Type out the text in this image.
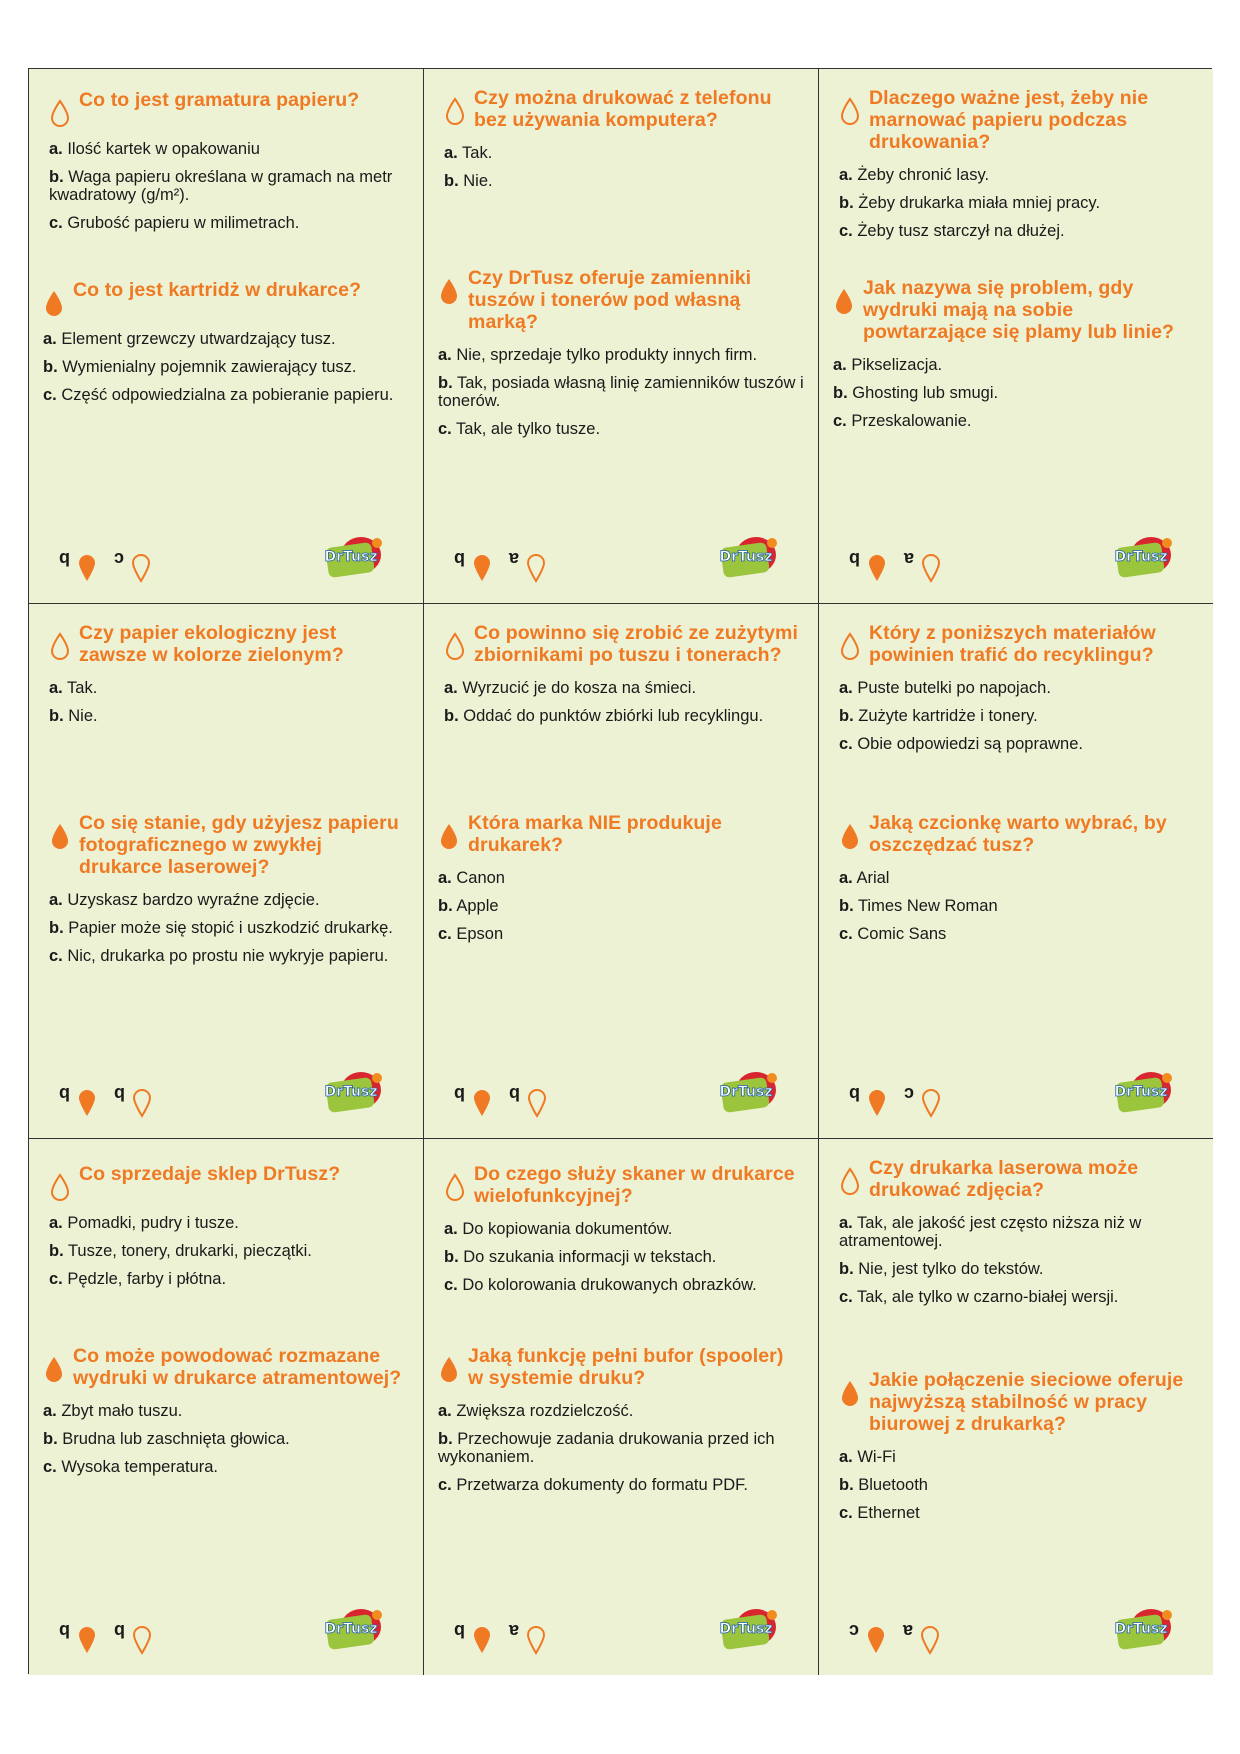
Co to jest gramatura papieru?
a. Ilość kartek w opakowaniu
b. Waga papieru określana w gramach na metr kwadratowy (g/m²).
c. Grubość papieru w milimetrach.
Co to jest kartridż w drukarce?
a. Element grzewczy utwardzający tusz.
b. Wymienialny pojemnik zawierający tusz.
c. Część odpowiedzialna za pobieranie papieru.
b c	DrTusz
Czy można drukować z telefonu bez używania komputera?
a. Tak.
b. Nie.
Czy DrTusz oferuje zamienniki tuszów i tonerów pod własną marką?
a. Nie, sprzedaje tylko produkty innych firm.
b. Tak, posiada własną linię zamienników tuszów i tonerów.
c. Tak, ale tylko tusze.
b a	DrTusz
Dlaczego ważne jest, żeby nie marnować papieru podczas drukowania?
a. Żeby chronić lasy.
b. Żeby drukarka miała mniej pracy.
c. Żeby tusz starczył na dłużej.
Jak nazywa się problem, gdy wydruki mają na sobie powtarzające się plamy lub linie?
a. Pikselizacja.
b. Ghosting lub smugi.
c. Przeskalowanie.
b a	DrTusz
Czy papier ekologiczny jest zawsze w kolorze zielonym?
a. Tak.
b. Nie.
Co się stanie, gdy użyjesz papieru fotograficznego w zwykłej drukarce laserowej?
a. Uzyskasz bardzo wyraźne zdjęcie.
b. Papier może się stopić i uszkodzić drukarkę.
c. Nic, drukarka po prostu nie wykryje papieru.
b b	DrTusz
Co powinno się zrobić ze zużytymi zbiornikami po tuszu i tonerach?
a. Wyrzucić je do kosza na śmieci.
b. Oddać do punktów zbiórki lub recyklingu.
Która marka NIE produkuje drukarek?
a. Canon
b. Apple
c. Epson
b b	DrTusz
Który z poniższych materiałów powinien trafić do recyklingu?
a. Puste butelki po napojach.
b. Zużyte kartridże i tonery.
c. Obie odpowiedzi są poprawne.
Jaką czcionkę warto wybrać, by oszczędzać tusz?
a. Arial
b. Times New Roman
c. Comic Sans
b c	DrTusz
Co sprzedaje sklep DrTusz?
a. Pomadki, pudry i tusze.
b. Tusze, tonery, drukarki, pieczątki.
c. Pędzle, farby i płótna.
Co może powodować rozmazane wydruki w drukarce atramentowej?
a. Zbyt mało tuszu.
b. Brudna lub zaschnięta głowica.
c. Wysoka temperatura.
b b	DrTusz
Do czego służy skaner w drukarce wielofunkcyjnej?
a. Do kopiowania dokumentów.
b. Do szukania informacji w tekstach.
c. Do kolorowania drukowanych obrazków.
Jaką funkcję pełni bufor (spooler) w systemie druku?
a. Zwiększa rozdzielczość.
b. Przechowuje zadania drukowania przed ich wykonaniem.
c. Przetwarza dokumenty do formatu PDF.
b a	DrTusz
Czy drukarka laserowa może drukować zdjęcia?
a. Tak, ale jakość jest często niższa niż w atramentowej.
b. Nie, jest tylko do tekstów.
c. Tak, ale tylko w czarno-białej wersji.
Jakie połączenie sieciowe oferuje najwyższą stabilność w pracy biurowej z drukarką?
a. Wi-Fi
b. Bluetooth
c. Ethernet
c a	DrTusz
